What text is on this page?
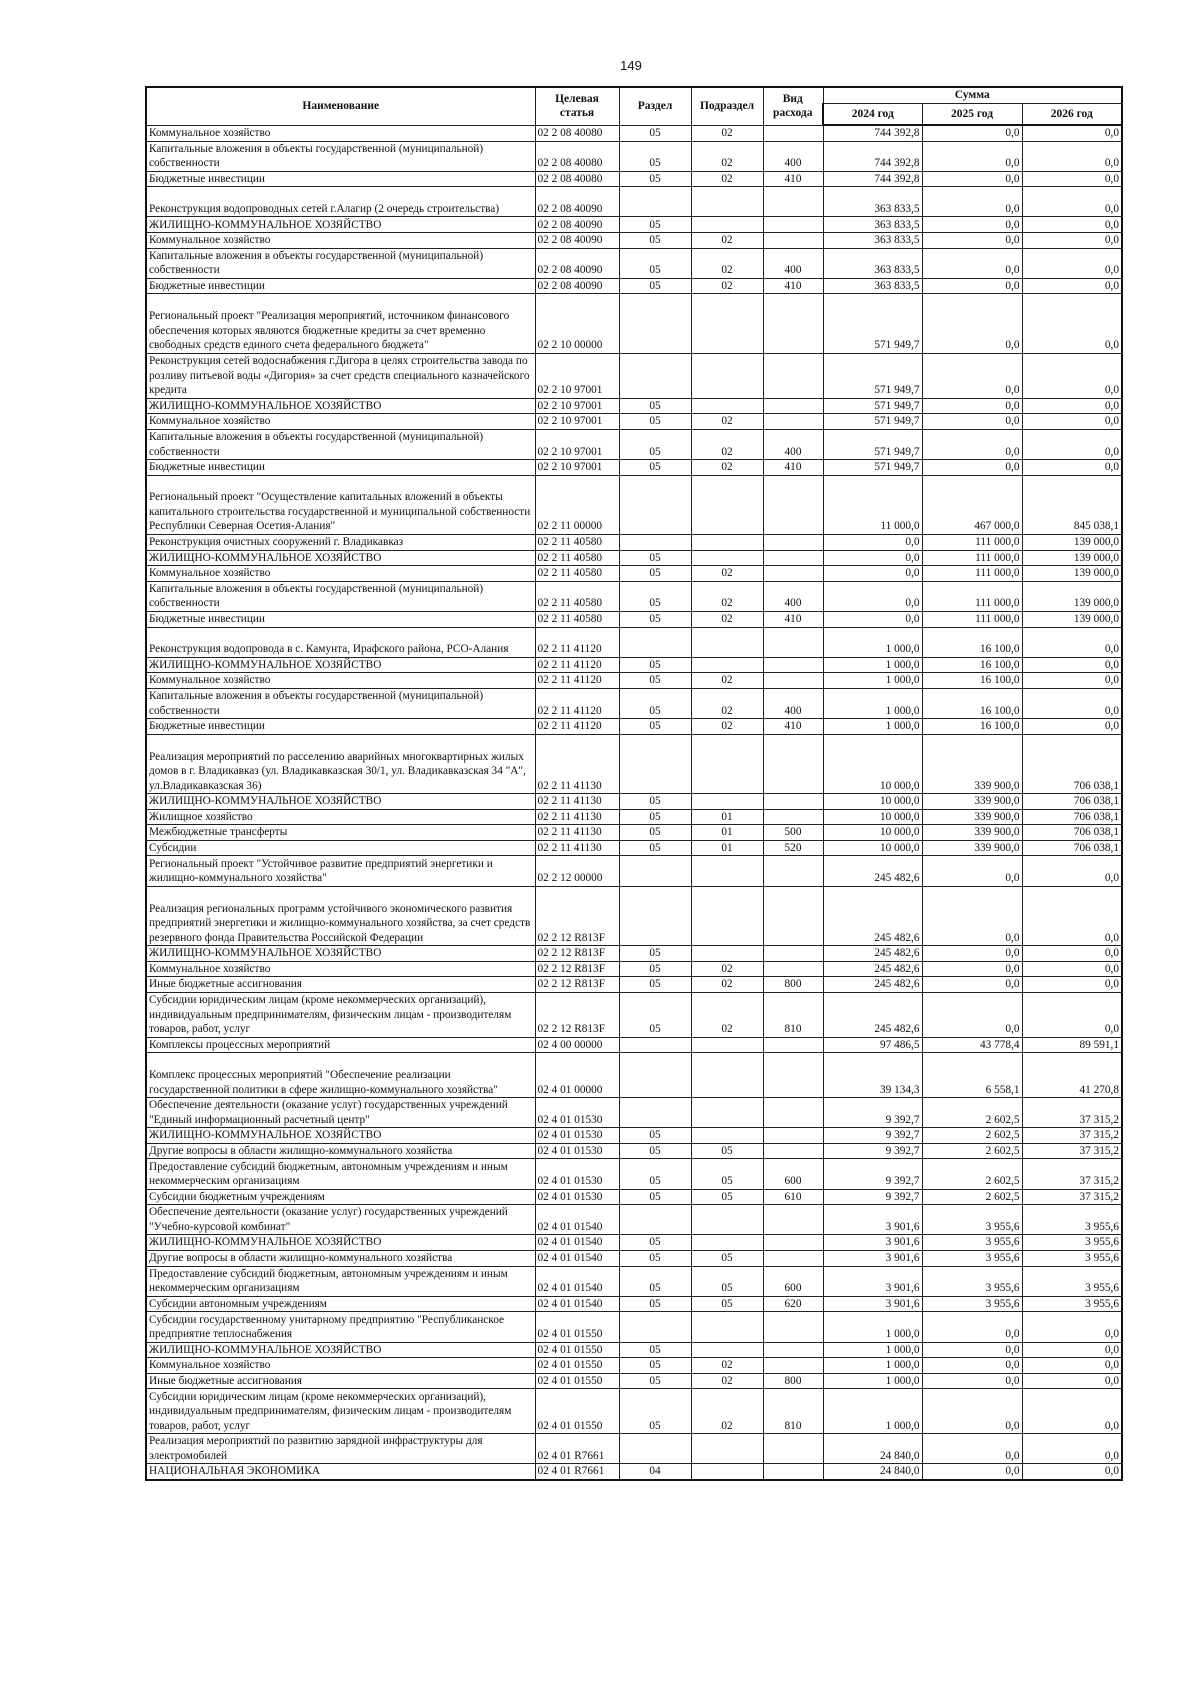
149
Наименование	Целевая статья	Раздел	Подраздел	Вид расхода	Сумма		
					2024 год	2025 год	2026 год
Коммунальное хозяйство	02 2 08 40080	05	02		744 392,8	0,0	0,0
Капитальные вложения в объекты государственной (муниципальной) собственности	02 2 08 40080	05	02	400	744 392,8	0,0	0,0
Бюджетные инвестиции	02 2 08 40080	05	02	410	744 392,8	0,0	0,0
Реконструкция водопроводных сетей г.Алагир (2 очередь строительства)	02 2 08 40090				363 833,5	0,0	0,0
ЖИЛИЩНО-КОММУНАЛЬНОЕ ХОЗЯЙСТВО	02 2 08 40090	05			363 833,5	0,0	0,0
Коммунальное хозяйство	02 2 08 40090	05	02		363 833,5	0,0	0,0
Капитальные вложения в объекты государственной (муниципальной) собственности	02 2 08 40090	05	02	400	363 833,5	0,0	0,0
Бюджетные инвестиции	02 2 08 40090	05	02	410	363 833,5	0,0	0,0
Региональный проект "Реализация мероприятий, источником финансового обеспечения которых являются бюджетные кредиты за счет временно свободных средств единого счета федерального бюджета"	02 2 10 00000				571 949,7	0,0	0,0
Реконструкция сетей водоснабжения г.Дигора в целях строительства завода по розливу питьевой воды «Дигория» за счет средств специального казначейского кредита	02 2 10 97001				571 949,7	0,0	0,0
ЖИЛИЩНО-КОММУНАЛЬНОЕ ХОЗЯЙСТВО	02 2 10 97001	05			571 949,7	0,0	0,0
Коммунальное хозяйство	02 2 10 97001	05	02		571 949,7	0,0	0,0
Капитальные вложения в объекты государственной (муниципальной) собственности	02 2 10 97001	05	02	400	571 949,7	0,0	0,0
Бюджетные инвестиции	02 2 10 97001	05	02	410	571 949,7	0,0	0,0
Региональный проект "Осуществление капитальных вложений в объекты капитального строительства государственной и муниципальной собственности Республики Северная Осетия-Алания"	02 2 11 00000				11 000,0	467 000,0	845 038,1
Реконструкция очистных сооружений г. Владикавказ	02 2 11 40580				0,0	111 000,0	139 000,0
ЖИЛИЩНО-КОММУНАЛЬНОЕ ХОЗЯЙСТВО	02 2 11 40580	05			0,0	111 000,0	139 000,0
Коммунальное хозяйство	02 2 11 40580	05	02		0,0	111 000,0	139 000,0
Капитальные вложения в объекты государственной (муниципальной) собственности	02 2 11 40580	05	02	400	0,0	111 000,0	139 000,0
Бюджетные инвестиции	02 2 11 40580	05	02	410	0,0	111 000,0	139 000,0
Реконструкция водопровода в с. Камунта, Ирафского района, РСО-Алания	02 2 11 41120				1 000,0	16 100,0	0,0
ЖИЛИЩНО-КОММУНАЛЬНОЕ ХОЗЯЙСТВО	02 2 11 41120	05			1 000,0	16 100,0	0,0
Коммунальное хозяйство	02 2 11 41120	05	02		1 000,0	16 100,0	0,0
Капитальные вложения в объекты государственной (муниципальной) собственности	02 2 11 41120	05	02	400	1 000,0	16 100,0	0,0
Бюджетные инвестиции	02 2 11 41120	05	02	410	1 000,0	16 100,0	0,0
Реализация мероприятий по расселению аварийных многоквартирных жилых домов в г. Владикавказ (ул. Владикавказская 30/1, ул. Владикавказская 34 "А", ул.Владикавказская 36)	02 2 11 41130				10 000,0	339 900,0	706 038,1
ЖИЛИЩНО-КОММУНАЛЬНОЕ ХОЗЯЙСТВО	02 2 11 41130	05			10 000,0	339 900,0	706 038,1
Жилищное хозяйство	02 2 11 41130	05	01		10 000,0	339 900,0	706 038,1
Межбюджетные трансферты	02 2 11 41130	05	01	500	10 000,0	339 900,0	706 038,1
Субсидии	02 2 11 41130	05	01	520	10 000,0	339 900,0	706 038,1
Региональный проект "Устойчивое развитие предприятий энергетики и жилищно-коммунального хозяйства"	02 2 12 00000				245 482,6	0,0	0,0
Реализация региональных программ устойчивого экономического развития предприятий энергетики и жилищно-коммунального хозяйства, за счет средств резервного фонда Правительства Российской Федерации	02 2 12 R813F				245 482,6	0,0	0,0
ЖИЛИЩНО-КОММУНАЛЬНОЕ ХОЗЯЙСТВО	02 2 12 R813F	05			245 482,6	0,0	0,0
Коммунальное хозяйство	02 2 12 R813F	05	02		245 482,6	0,0	0,0
Иные бюджетные ассигнования	02 2 12 R813F	05	02	800	245 482,6	0,0	0,0
Субсидии юридическим лицам (кроме некоммерческих организаций), индивидуальным предпринимателям, физическим лицам - производителям товаров, работ, услуг	02 2 12 R813F	05	02	810	245 482,6	0,0	0,0
Комплексы процессных мероприятий	02 4 00 00000				97 486,5	43 778,4	89 591,1
Комплекс процессных мероприятий "Обеспечение реализации государственной политики в сфере жилищно-коммунального хозяйства"	02 4 01 00000				39 134,3	6 558,1	41 270,8
Обеспечение деятельности (оказание услуг) государственных учреждений "Единый информационный расчетный центр"	02 4 01 01530				9 392,7	2 602,5	37 315,2
ЖИЛИЩНО-КОММУНАЛЬНОЕ ХОЗЯЙСТВО	02 4 01 01530	05			9 392,7	2 602,5	37 315,2
Другие вопросы в области жилищно-коммунального хозяйства	02 4 01 01530	05	05		9 392,7	2 602,5	37 315,2
Предоставление субсидий бюджетным, автономным учреждениям и иным некоммерческим организациям	02 4 01 01530	05	05	600	9 392,7	2 602,5	37 315,2
Субсидии бюджетным учреждениям	02 4 01 01530	05	05	610	9 392,7	2 602,5	37 315,2
Обеспечение деятельности (оказание услуг) государственных учреждений "Учебно-курсовой комбинат"	02 4 01 01540				3 901,6	3 955,6	3 955,6
ЖИЛИЩНО-КОММУНАЛЬНОЕ ХОЗЯЙСТВО	02 4 01 01540	05			3 901,6	3 955,6	3 955,6
Другие вопросы в области жилищно-коммунального хозяйства	02 4 01 01540	05	05		3 901,6	3 955,6	3 955,6
Предоставление субсидий бюджетным, автономным учреждениям и иным некоммерческим организациям	02 4 01 01540	05	05	600	3 901,6	3 955,6	3 955,6
Субсидии автономным учреждениям	02 4 01 01540	05	05	620	3 901,6	3 955,6	3 955,6
Субсидии государственному унитарному предприятию "Республиканское предприятие теплоснабжения	02 4 01 01550				1 000,0	0,0	0,0
ЖИЛИЩНО-КОММУНАЛЬНОЕ ХОЗЯЙСТВО	02 4 01 01550	05			1 000,0	0,0	0,0
Коммунальное хозяйство	02 4 01 01550	05	02		1 000,0	0,0	0,0
Иные бюджетные ассигнования	02 4 01 01550	05	02	800	1 000,0	0,0	0,0
Субсидии юридическим лицам (кроме некоммерческих организаций), индивидуальным предпринимателям, физическим лицам - производителям товаров, работ, услуг	02 4 01 01550	05	02	810	1 000,0	0,0	0,0
Реализация мероприятий по развитию зарядной инфраструктуры для электромобилей	02 4 01 R7661				24 840,0	0,0	0,0
НАЦИОНАЛЬНАЯ ЭКОНОМИКА	02 4 01 R7661	04			24 840,0	0,0	0,0
